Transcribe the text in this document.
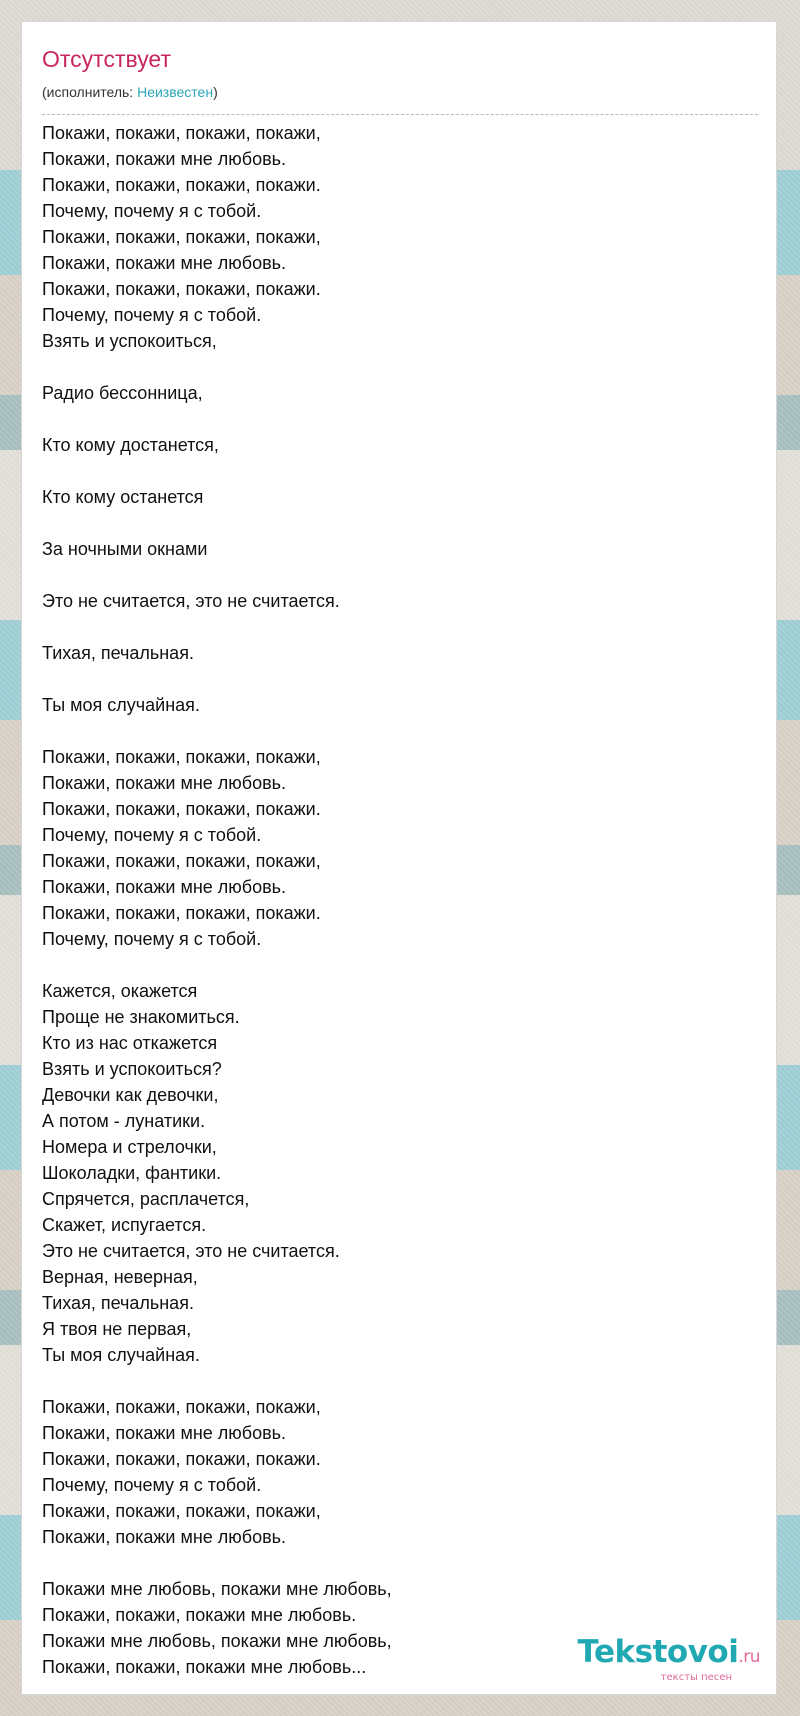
Отсутствует
(исполнитель: Неизвестен)
Покажи, покажи, покажи, покажи,
Покажи, покажи мне любовь.
Покажи, покажи, покажи, покажи.
Почему, почему я с тобой.
Покажи, покажи, покажи, покажи,
Покажи, покажи мне любовь.
Покажи, покажи, покажи, покажи.
Почему, почему я с тобой.
Взять и успокоиться,
Радио бессонница,
Кто кому достанется,
Кто кому останется
За ночными окнами
Это не считается, это не считается.
Тихая, печальная.
Ты моя случайная.
Покажи, покажи, покажи, покажи,
Покажи, покажи мне любовь.
Покажи, покажи, покажи, покажи.
Почему, почему я с тобой.
Покажи, покажи, покажи, покажи,
Покажи, покажи мне любовь.
Покажи, покажи, покажи, покажи.
Почему, почему я с тобой.
Кажется, окажется
Проще не знакомиться.
Кто из нас откажется
Взять и успокоиться?
Девочки как девочки,
А потом - лунатики.
Номера и стрелочки,
Шоколадки, фантики.
Спрячется, расплачется,
Скажет, испугается.
Это не считается, это не считается.
Верная, неверная,
Тихая, печальная.
Я твоя не первая,
Ты моя случайная.
Покажи, покажи, покажи, покажи,
Покажи, покажи мне любовь.
Покажи, покажи, покажи, покажи.
Почему, почему я с тобой.
Покажи, покажи, покажи, покажи,
Покажи, покажи мне любовь.
Покажи мне любовь, покажи мне любовь,
Покажи, покажи, покажи мне любовь.
Покажи мне любовь, покажи мне любовь,
Покажи, покажи, покажи мне любовь...	Tekstovoi.ru
тексты песен
